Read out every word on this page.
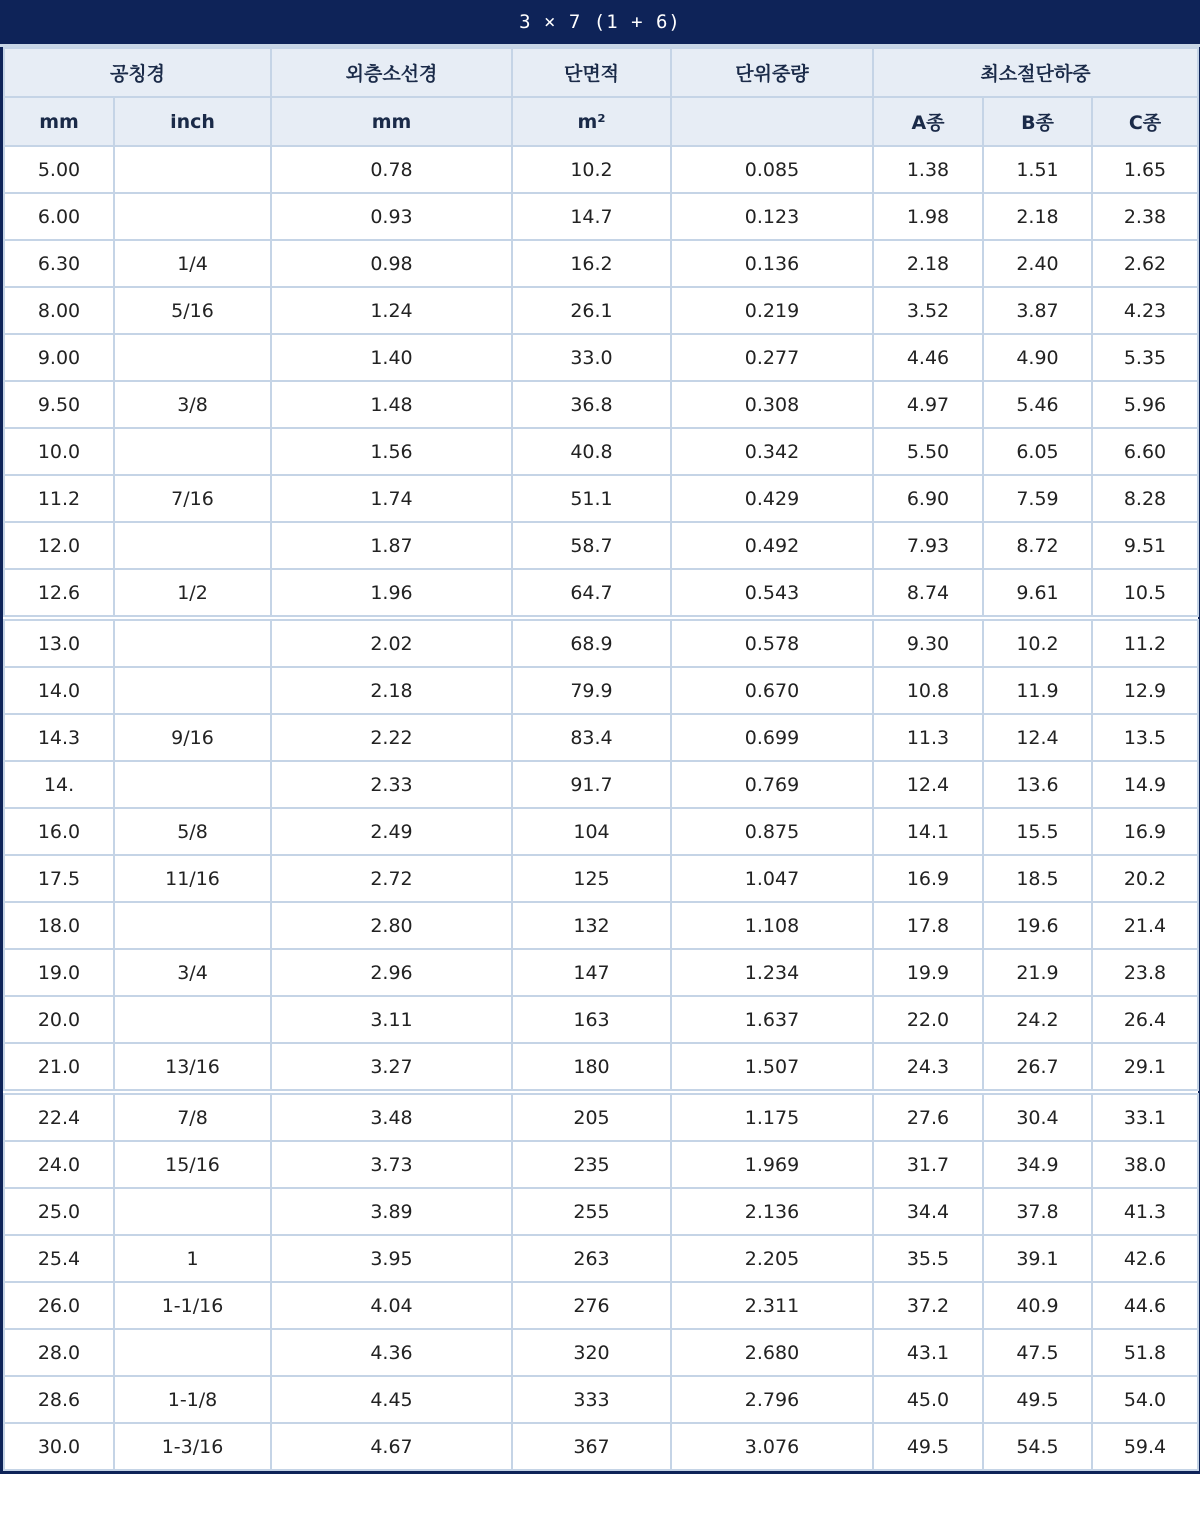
3 × 7 (1 + 6)
공칭경		외층소선경	단면적	단위중량	최소절단하중		
mm	inch	mm	m²		A종	B종	C종
5.00		0.78	10.2	0.085	1.38	1.51	1.65
6.00		0.93	14.7	0.123	1.98	2.18	2.38
6.30	1/4	0.98	16.2	0.136	2.18	2.40	2.62
8.00	5/16	1.24	26.1	0.219	3.52	3.87	4.23
9.00		1.40	33.0	0.277	4.46	4.90	5.35
9.50	3/8	1.48	36.8	0.308	4.97	5.46	5.96
10.0		1.56	40.8	0.342	5.50	6.05	6.60
11.2	7/16	1.74	51.1	0.429	6.90	7.59	8.28
12.0		1.87	58.7	0.492	7.93	8.72	9.51
12.6	1/2	1.96	64.7	0.543	8.74	9.61	10.5
13.0		2.02	68.9	0.578	9.30	10.2	11.2
14.0		2.18	79.9	0.670	10.8	11.9	12.9
14.3	9/16	2.22	83.4	0.699	11.3	12.4	13.5
14.		2.33	91.7	0.769	12.4	13.6	14.9
16.0	5/8	2.49	104	0.875	14.1	15.5	16.9
17.5	11/16	2.72	125	1.047	16.9	18.5	20.2
18.0		2.80	132	1.108	17.8	19.6	21.4
19.0	3/4	2.96	147	1.234	19.9	21.9	23.8
20.0		3.11	163	1.637	22.0	24.2	26.4
21.0	13/16	3.27	180	1.507	24.3	26.7	29.1
22.4	7/8	3.48	205	1.175	27.6	30.4	33.1
24.0	15/16	3.73	235	1.969	31.7	34.9	38.0
25.0		3.89	255	2.136	34.4	37.8	41.3
25.4	1	3.95	263	2.205	35.5	39.1	42.6
26.0	1-1/16	4.04	276	2.311	37.2	40.9	44.6
28.0		4.36	320	2.680	43.1	47.5	51.8
28.6	1-1/8	4.45	333	2.796	45.0	49.5	54.0
30.0	1-3/16	4.67	367	3.076	49.5	54.5	59.4
